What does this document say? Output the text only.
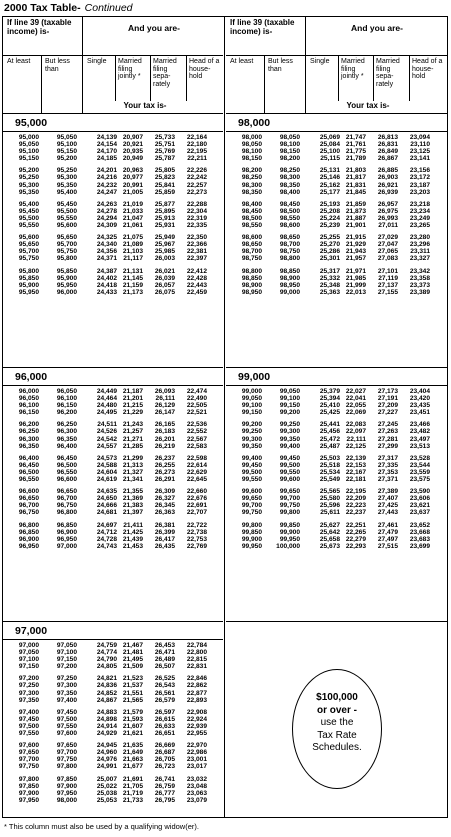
2000 Tax Table- Continued
If line 39 (taxable income) is-	And you are-
At least	But less than
Single	Married filing jointly *
Married filing sepa- rately
Head of a house- hold
Your tax is-
If line 39 (taxable income) is-	And you are-
At least	But less than
Single	Married filing jointly *
Married filing sepa- rately
Head of a house- hold
Your tax is-
95,000
95,000	95,050	24,139 20,907	25,733	22,164
95,050	95,100	24,154 20,921	25,751	22,180
95,100	95,150	24,170 20,935	25,769	22,195
95,150	95,200	24,185 20,949	25,787	22,211
95,200	95,250	24,201 20,963	25,805	22,226
95,250	95,300	24,216 20,977	25,823	22,242
95,300	95,350	24,232 20,991	25,841	22,257
95,350	95,400	24,247 21,005	25,859	22,273
95,400	95,450	24,263 21,019	25,877	22,288
95,450	95,500	24,278 21,033	25,895	22,304
95,500	95,550	24,294 21,047	25,913	22,319
95,550	95,600	24,309 21,061	25,931	22,335
95,600	95,650	24,325 21,075	25,949	22,350
95,650	95,700	24,340 21,089	25,967	22,366
95,700	95,750	24,356 21,103	25,985	22,381
95,750	95,800	24,371 21,117	26,003	22,397
95,800	95,850	24,387 21,131	26,021	22,412
95,850	95,900	24,402 21,145	26,039	22,428
95,900	95,950	24,418 21,159	26,057	22,443
95,950	96,000	24,433 21,173	26,075	22,459
96,000
96,000	96,050	24,449 21,187	26,093	22,474
96,050	96,100	24,464 21,201	26,111	22,490
96,100	96,150	24,480 21,215	26,129	22,505
96,150	96,200	24,495 21,229	26,147	22,521
96,200	96,250	24,511 21,243	26,165	22,536
96,250	96,300	24,526 21,257	26,183	22,552
96,300	96,350	24,542 21,271	26,201	22,567
96,350	96,400	24,557 21,285	26,219	22,583
96,400	96,450	24,573 21,299	26,237	22,598
96,450	96,500	24,588 21,313	26,255	22,614
96,500	96,550	24,604 21,327	26,273	22,629
96,550	96,600	24,619 21,341	26,291	22,645
96,600	96,650	24,635 21,355	26,309	22,660
96,650	96,700	24,650 21,369	26,327	22,676
96,700	96,750	24,666 21,383	26,345	22,691
96,750	96,800	24,681 21,397	26,363	22,707
96,800	96,850	24,697 21,411	26,381	22,722
96,850	96,900	24,712 21,425	26,399	22,738
96,900	96,950	24,728 21,439	26,417	22,753
96,950	97,000	24,743 21,453	26,435	22,769
97,000
97,000	97,050	24,759 21,467	26,453	22,784
97,050	97,100	24,774 21,481	26,471	22,800
97,100	97,150	24,790 21,495	26,489	22,815
97,150	97,200	24,805 21,509	26,507	22,831
97,200	97,250	24,821 21,523	26,525	22,846
97,250	97,300	24,836 21,537	26,543	22,862
97,300	97,350	24,852 21,551	26,561	22,877
97,350	97,400	24,867 21,565	26,579	22,893
97,400	97,450	24,883 21,579	26,597	22,908
97,450	97,500	24,898 21,593	26,615	22,924
97,500	97,550	24,914 21,607	26,633	22,939
97,550	97,600	24,929 21,621	26,651	22,955
97,600	97,650	24,945 21,635	26,669	22,970
97,650	97,700	24,960 21,649	26,687	22,986
97,700	97,750	24,976 21,663	26,705	23,001
97,750	97,800	24,991 21,677	26,723	23,017
97,800	97,850	25,007 21,691	26,741	23,032
97,850	97,900	25,022 21,705	26,759	23,048
97,900	97,950	25,038 21,719	26,777	23,063
97,950	98,000	25,053 21,733	26,795	23,079
98,000
98,000	98,050	25,069 21,747	26,813	23,094
98,050	98,100	25,084 21,761	26,831	23,110
98,100	98,150	25,100 21,775	26,849	23,125
98,150	98,200	25,115 21,789	26,867	23,141
98,200	98,250	25,131 21,803	26,885	23,156
98,250	98,300	25,146 21,817	26,903	23,172
98,300	98,350	25,162 21,831	26,921	23,187
98,350	98,400	25,177 21,845	26,939	23,203
98,400	98,450	25,193 21,859	26,957	23,218
98,450	98,500	25,208 21,873	26,975	23,234
98,500	98,550	25,224 21,887	26,993	23,249
98,550	98,600	25,239 21,901	27,011	23,265
98,600	98,650	25,255 21,915	27,029	23,280
98,650	98,700	25,270 21,929	27,047	23,296
98,700	98,750	25,286 21,943	27,065	23,311
98,750	98,800	25,301 21,957	27,083	23,327
98,800	98,850	25,317 21,971	27,101	23,342
98,850	98,900	25,332 21,985	27,119	23,358
98,900	98,950	25,348 21,999	27,137	23,373
98,950	99,000	25,363 22,013	27,155	23,389
99,000
99,000	99,050	25,379 22,027	27,173	23,404
99,050	99,100	25,394 22,041	27,191	23,420
99,100	99,150	25,410 22,055	27,209	23,435
99,150	99,200	25,425 22,069	27,227	23,451
99,200	99,250	25,441 22,083	27,245	23,466
99,250	99,300	25,456 22,097	27,263	23,482
99,300	99,350	25,472 22,111	27,281	23,497
99,350	99,400	25,487 22,125	27,299	23,513
99,400	99,450	25,503 22,139	27,317	23,528
99,450	99,500	25,518 22,153	27,335	23,544
99,500	99,550	25,534 22,167	27,353	23,559
99,550	99,600	25,549 22,181	27,371	23,575
99,600	99,650	25,565 22,195	27,389	23,590
99,650	99,700	25,580 22,209	27,407	23,606
99,700	99,750	25,596 22,223	27,425	23,621
99,750	99,800	25,611 22,237	27,443	23,637
99,800	99,850	25,627 22,251	27,461	23,652
99,850	99,900	25,642 22,265	27,479	23,668
99,900	99,950	25,658 22,279	27,497	23,683
99,950	100,000	25,673 22,293	27,515	23,699
$100,000
or over -
use the
Tax Rate
Schedules.
* This column must also be used by a qualifying widow(er).
